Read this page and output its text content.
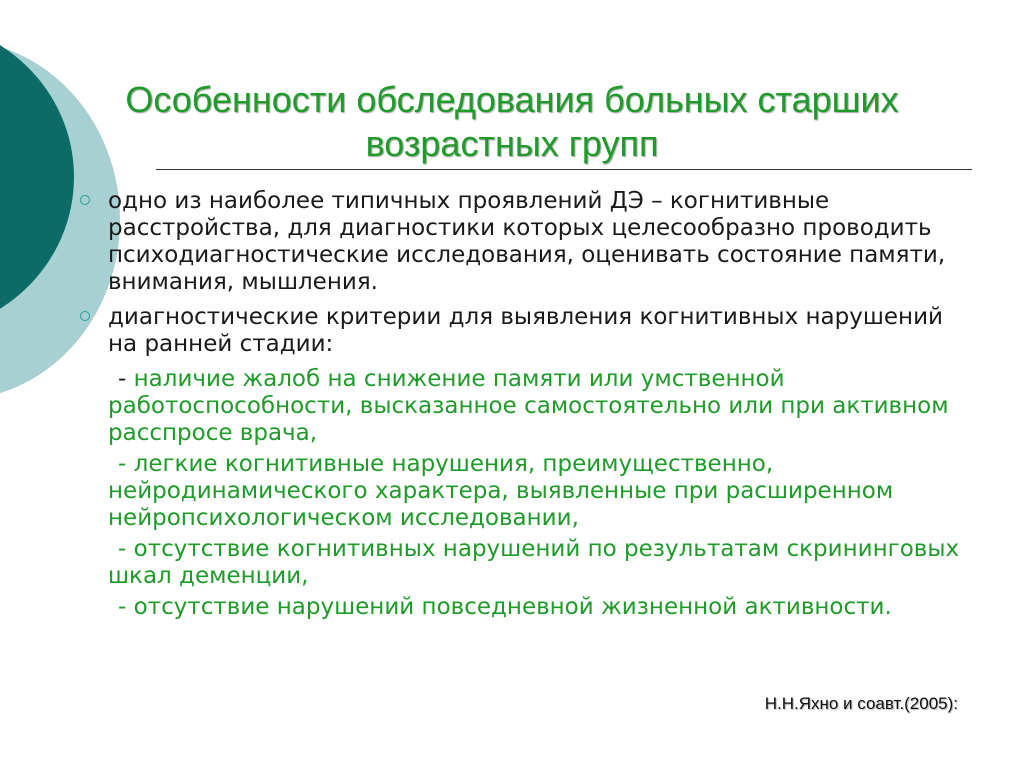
Особенности обследования больных старших
возрастных групп
одно из наиболее типичных проявлений ДЭ – когнитивные расстройства, для диагностики которых целесообразно проводить психодиагностические исследования, оценивать состояние памяти, внимания, мышления.
диагностические критерии для выявления когнитивных нарушений на ранней стадии:
- наличие жалоб на снижение памяти или умственной работоспособности, высказанное самостоятельно или при активном расспросе врача,
- легкие когнитивные нарушения, преимущественно, нейродинамического характера, выявленные при расширенном нейропсихологическом исследовании,
- отсутствие когнитивных нарушений по результатам скрининговых шкал деменции,
- отсутствие нарушений повседневной жизненной активности.
Н.Н.Яхно и соавт.(2005):
